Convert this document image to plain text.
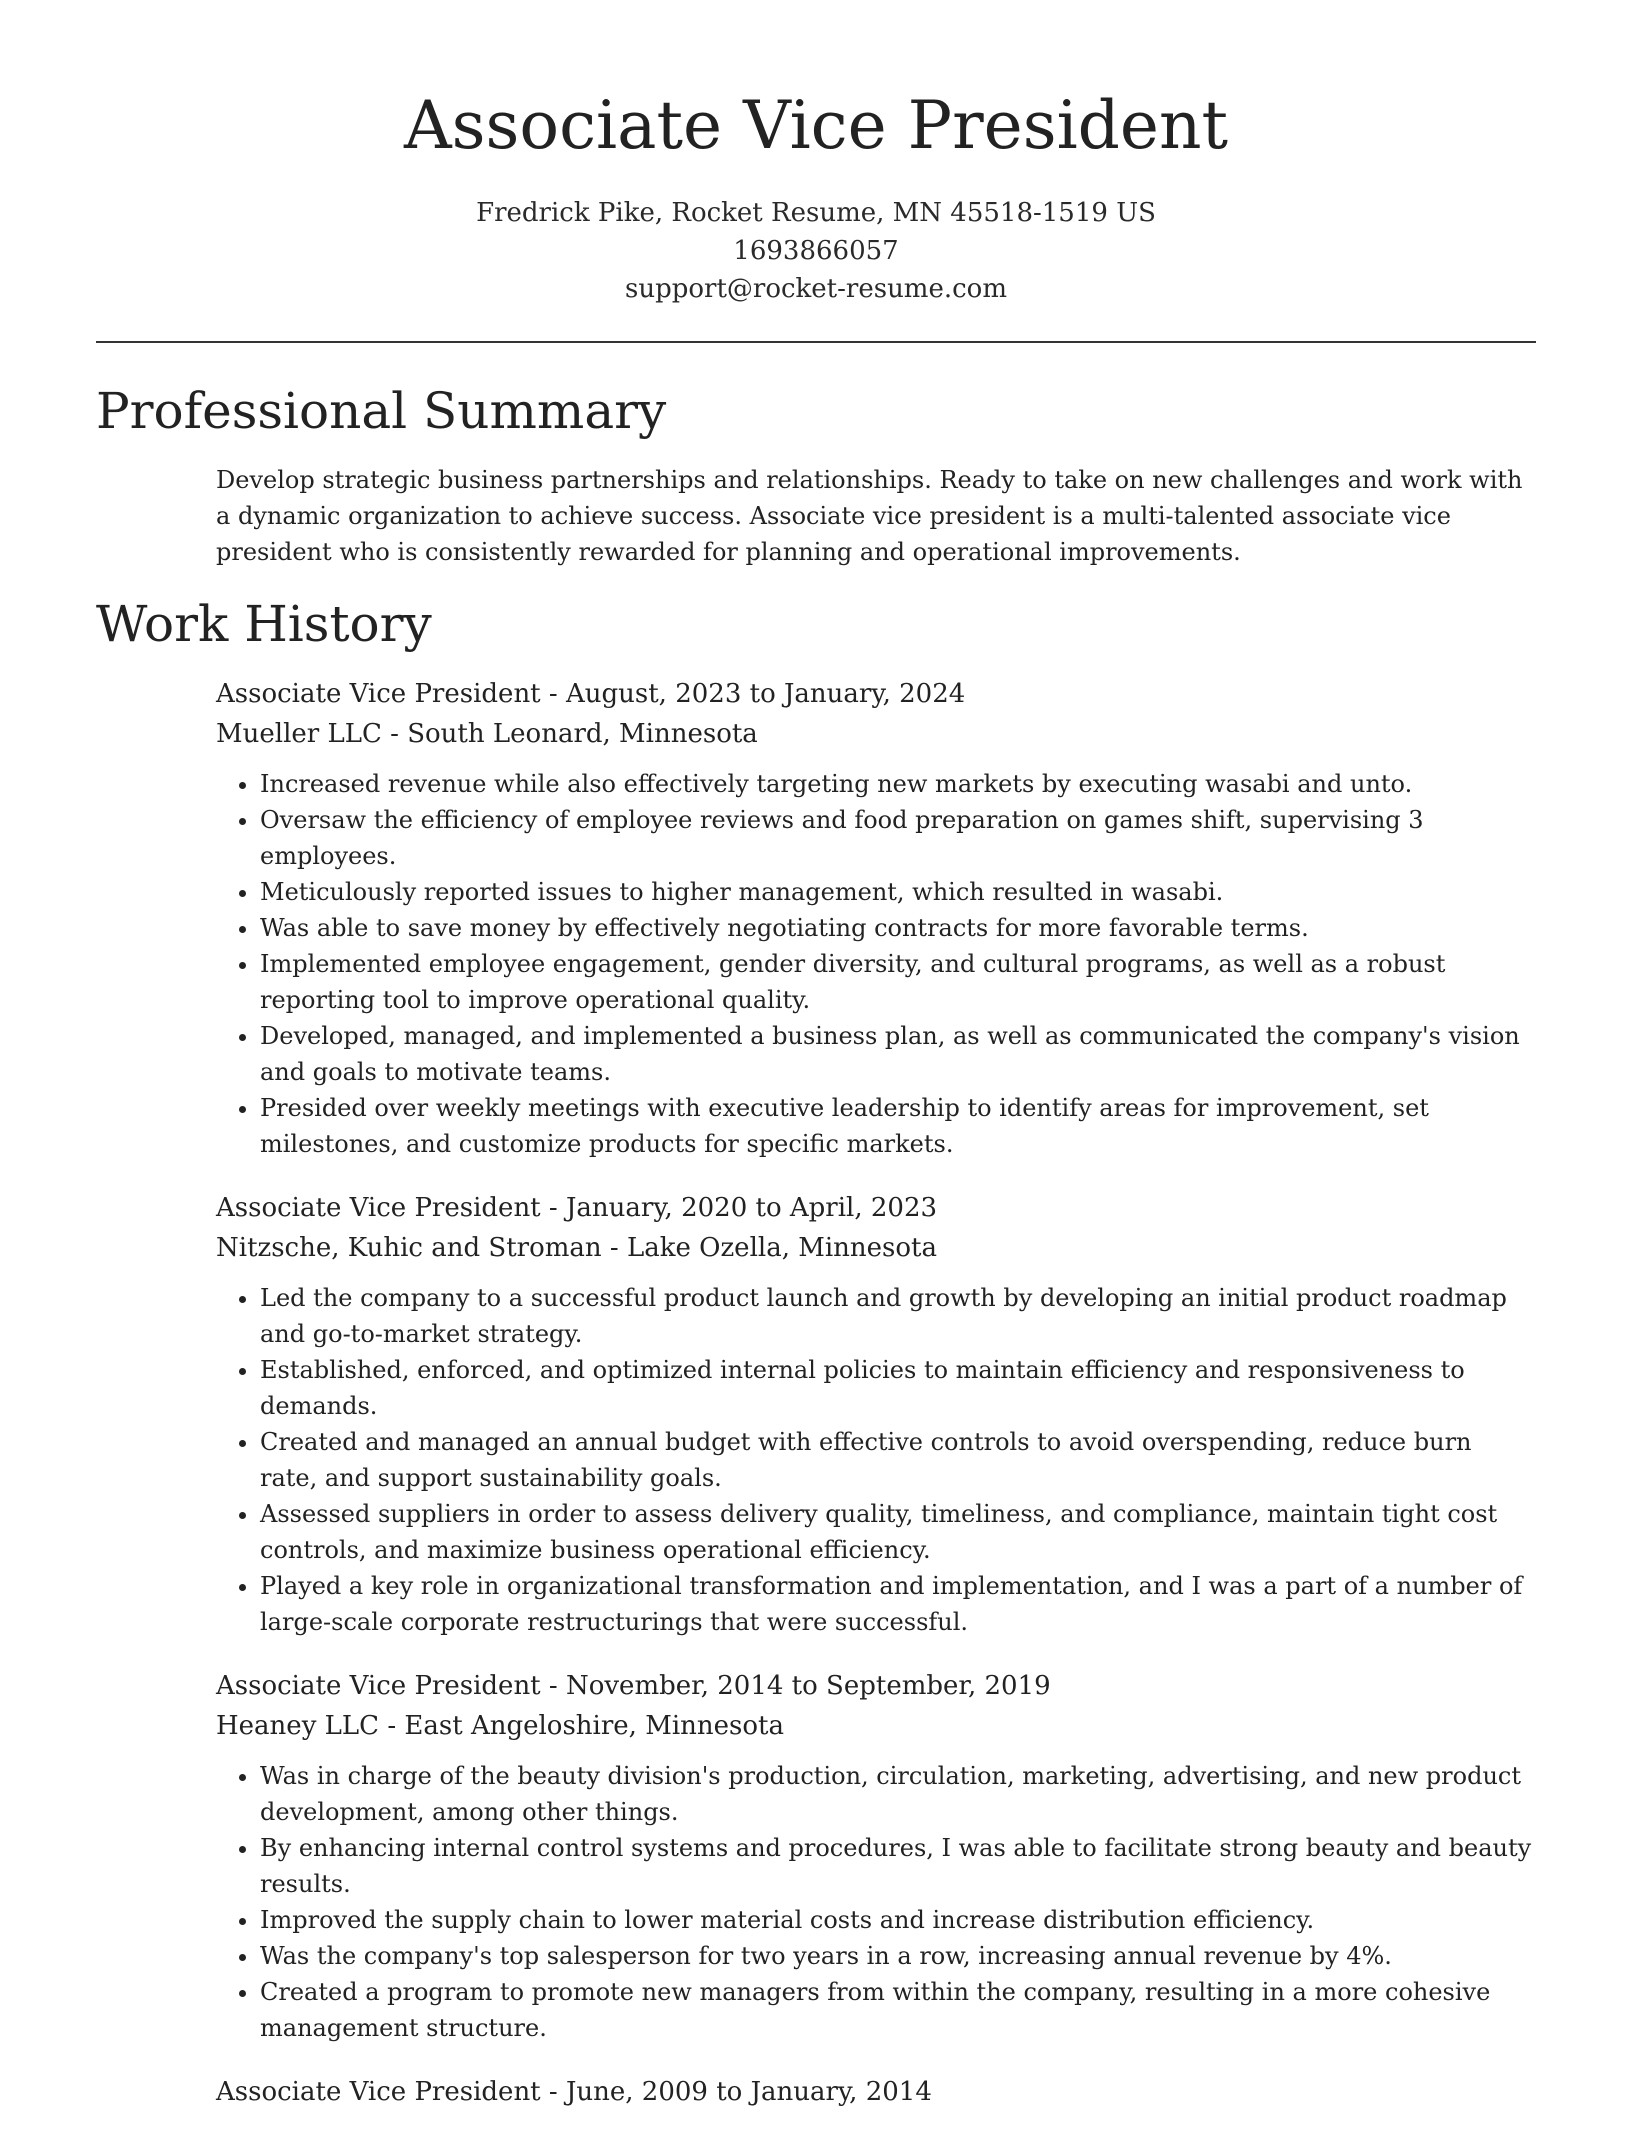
Associate Vice President
Fredrick Pike, Rocket Resume, MN 45518-1519 US
1693866057
support@rocket-resume.com
Professional Summary

Develop strategic business partnerships and relationships. Ready to take on new challenges and work with a dynamic organization to achieve success. Associate vice president is a multi-talented associate vice president who is consistently rewarded for planning and operational improvements.

Work History
Associate Vice President - August, 2023 to January, 2024
Mueller LLC - South Leonard, Minnesota
• Increased revenue while also effectively targeting new markets by executing wasabi and unto.
• Oversaw the efficiency of employee reviews and food preparation on games shift, supervising 3 employees.
• Meticulously reported issues to higher management, which resulted in wasabi.
• Was able to save money by effectively negotiating contracts for more favorable terms.
• Implemented employee engagement, gender diversity, and cultural programs, as well as a robust reporting tool to improve operational quality.
• Developed, managed, and implemented a business plan, as well as communicated the company's vision and goals to motivate teams.
• Presided over weekly meetings with executive leadership to identify areas for improvement, set milestones, and customize products for specific markets.
Associate Vice President - January, 2020 to April, 2023
Nitzsche, Kuhic and Stroman - Lake Ozella, Minnesota
• Led the company to a successful product launch and growth by developing an initial product roadmap and go-to-market strategy.
• Established, enforced, and optimized internal policies to maintain efficiency and responsiveness to demands.
• Created and managed an annual budget with effective controls to avoid overspending, reduce burn rate, and support sustainability goals.
• Assessed suppliers in order to assess delivery quality, timeliness, and compliance, maintain tight cost controls, and maximize business operational efficiency.
• Played a key role in organizational transformation and implementation, and I was a part of a number of large-scale corporate restructurings that were successful.
Associate Vice President - November, 2014 to September, 2019
Heaney LLC - East Angeloshire, Minnesota
• Was in charge of the beauty division's production, circulation, marketing, advertising, and new product development, among other things.
• By enhancing internal control systems and procedures, I was able to facilitate strong beauty and beauty results.
• Improved the supply chain to lower material costs and increase distribution efficiency.
• Was the company's top salesperson for two years in a row, increasing annual revenue by 4%.
• Created a program to promote new managers from within the company, resulting in a more cohesive management structure.
Associate Vice President - June, 2009 to January, 2014
